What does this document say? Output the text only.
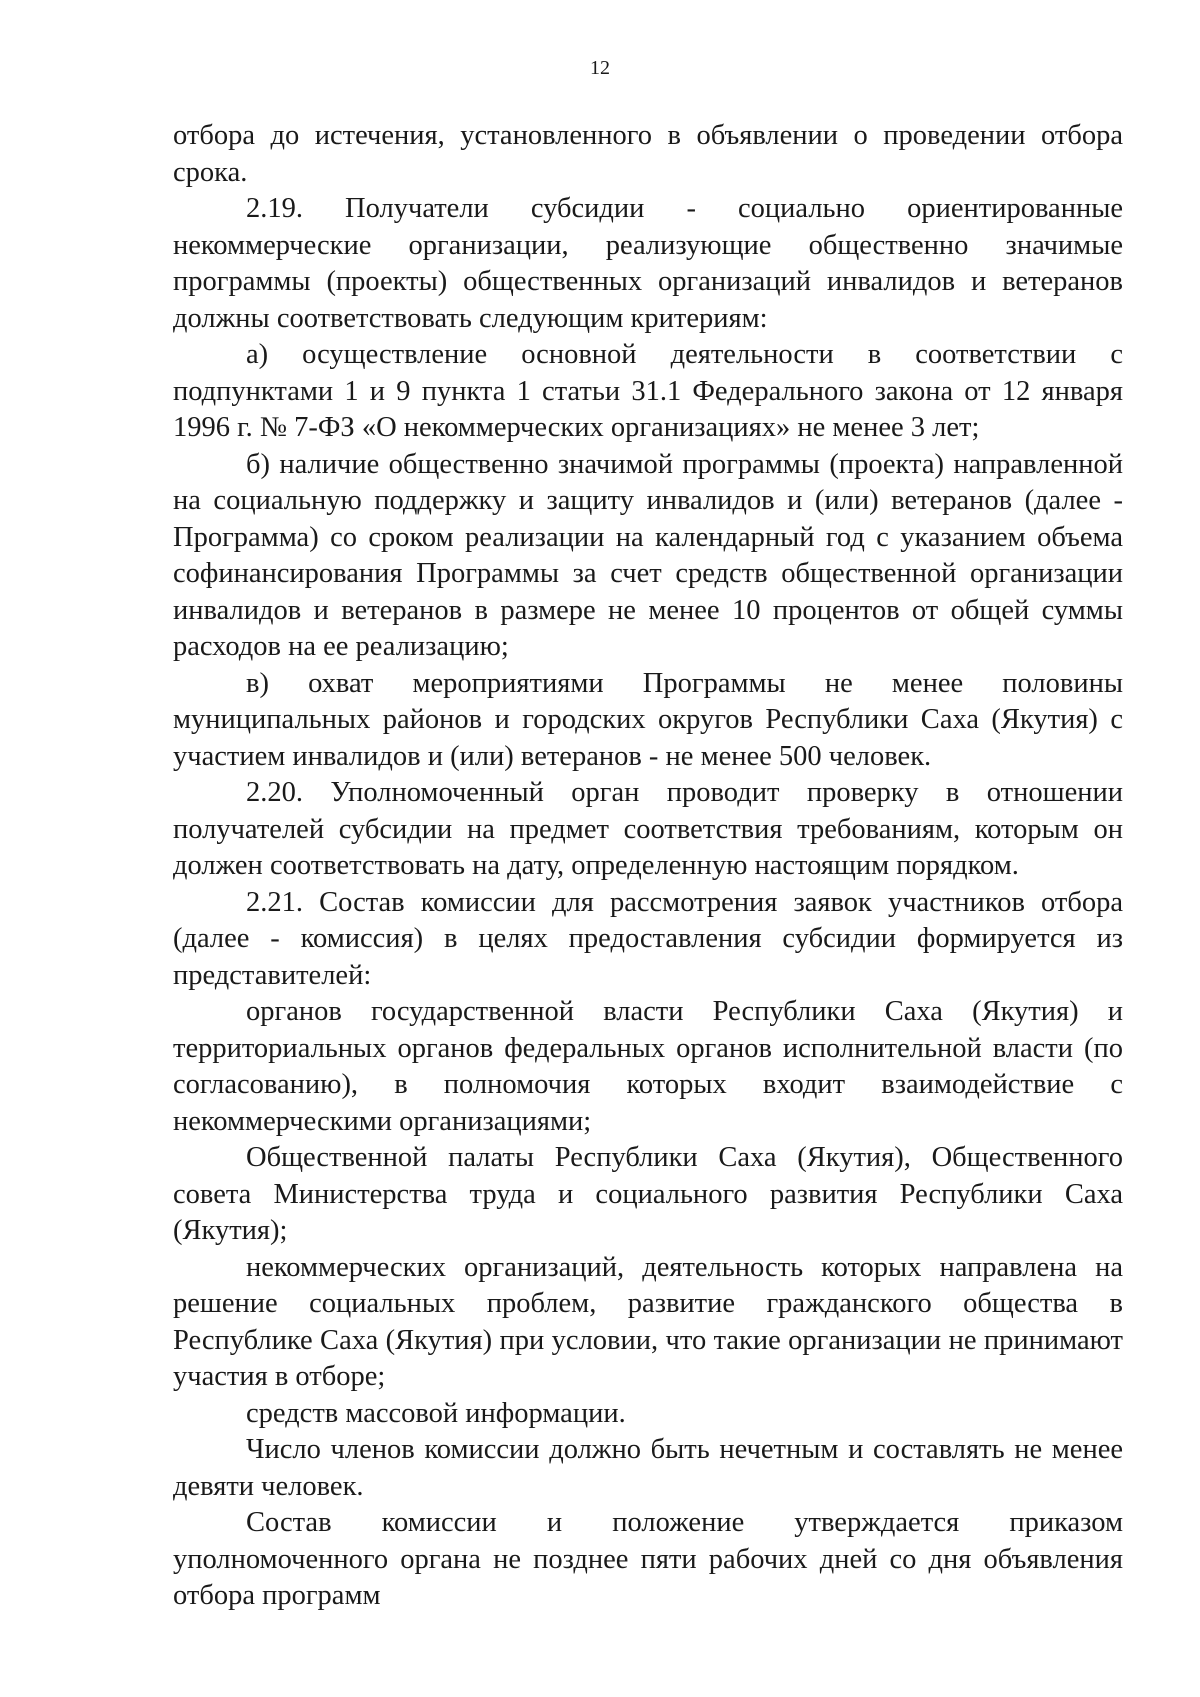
12

отбора до истечения, установленного в объявлении о проведении отбора срока.

2.19. Получатели субсидии - социально ориентированные некоммерческие организации, реализующие общественно значимые программы (проекты) общественных организаций инвалидов и ветеранов должны соответствовать следующим критериям:

а) осуществление основной деятельности в соответствии с подпунктами 1 и 9 пункта 1 статьи 31.1 Федерального закона от 12 января 1996 г. № 7-ФЗ «О некоммерческих организациях» не менее 3 лет;

б) наличие общественно значимой программы (проекта) направленной на социальную поддержку и защиту инвалидов и (или) ветеранов (далее - Программа) со сроком реализации на календарный год с указанием объема софинансирования Программы за счет средств общественной организации инвалидов и ветеранов в размере не менее 10 процентов от общей суммы расходов на ее реализацию;

в) охват мероприятиями Программы не менее половины муниципальных районов и городских округов Республики Саха (Якутия) с участием инвалидов и (или) ветеранов - не менее 500 человек.

2.20. Уполномоченный орган проводит проверку в отношении получателей субсидии на предмет соответствия требованиям, которым он должен соответствовать на дату, определенную настоящим порядком.

2.21. Состав комиссии для рассмотрения заявок участников отбора (далее - комиссия) в целях предоставления субсидии формируется из представителей:

органов государственной власти Республики Саха (Якутия) и территориальных органов федеральных органов исполнительной власти (по согласованию), в полномочия которых входит взаимодействие с некоммерческими организациями;

Общественной палаты Республики Саха (Якутия), Общественного совета Министерства труда и социального развития Республики Саха (Якутия);

некоммерческих организаций, деятельность которых направлена на решение социальных проблем, развитие гражданского общества в Республике Саха (Якутия) при условии, что такие организации не принимают участия в отборе;

средств массовой информации.

Число членов комиссии должно быть нечетным и составлять не менее девяти человек.

Состав комиссии и положение утверждается приказом уполномоченного органа не позднее пяти рабочих дней со дня объявления отбора программ
